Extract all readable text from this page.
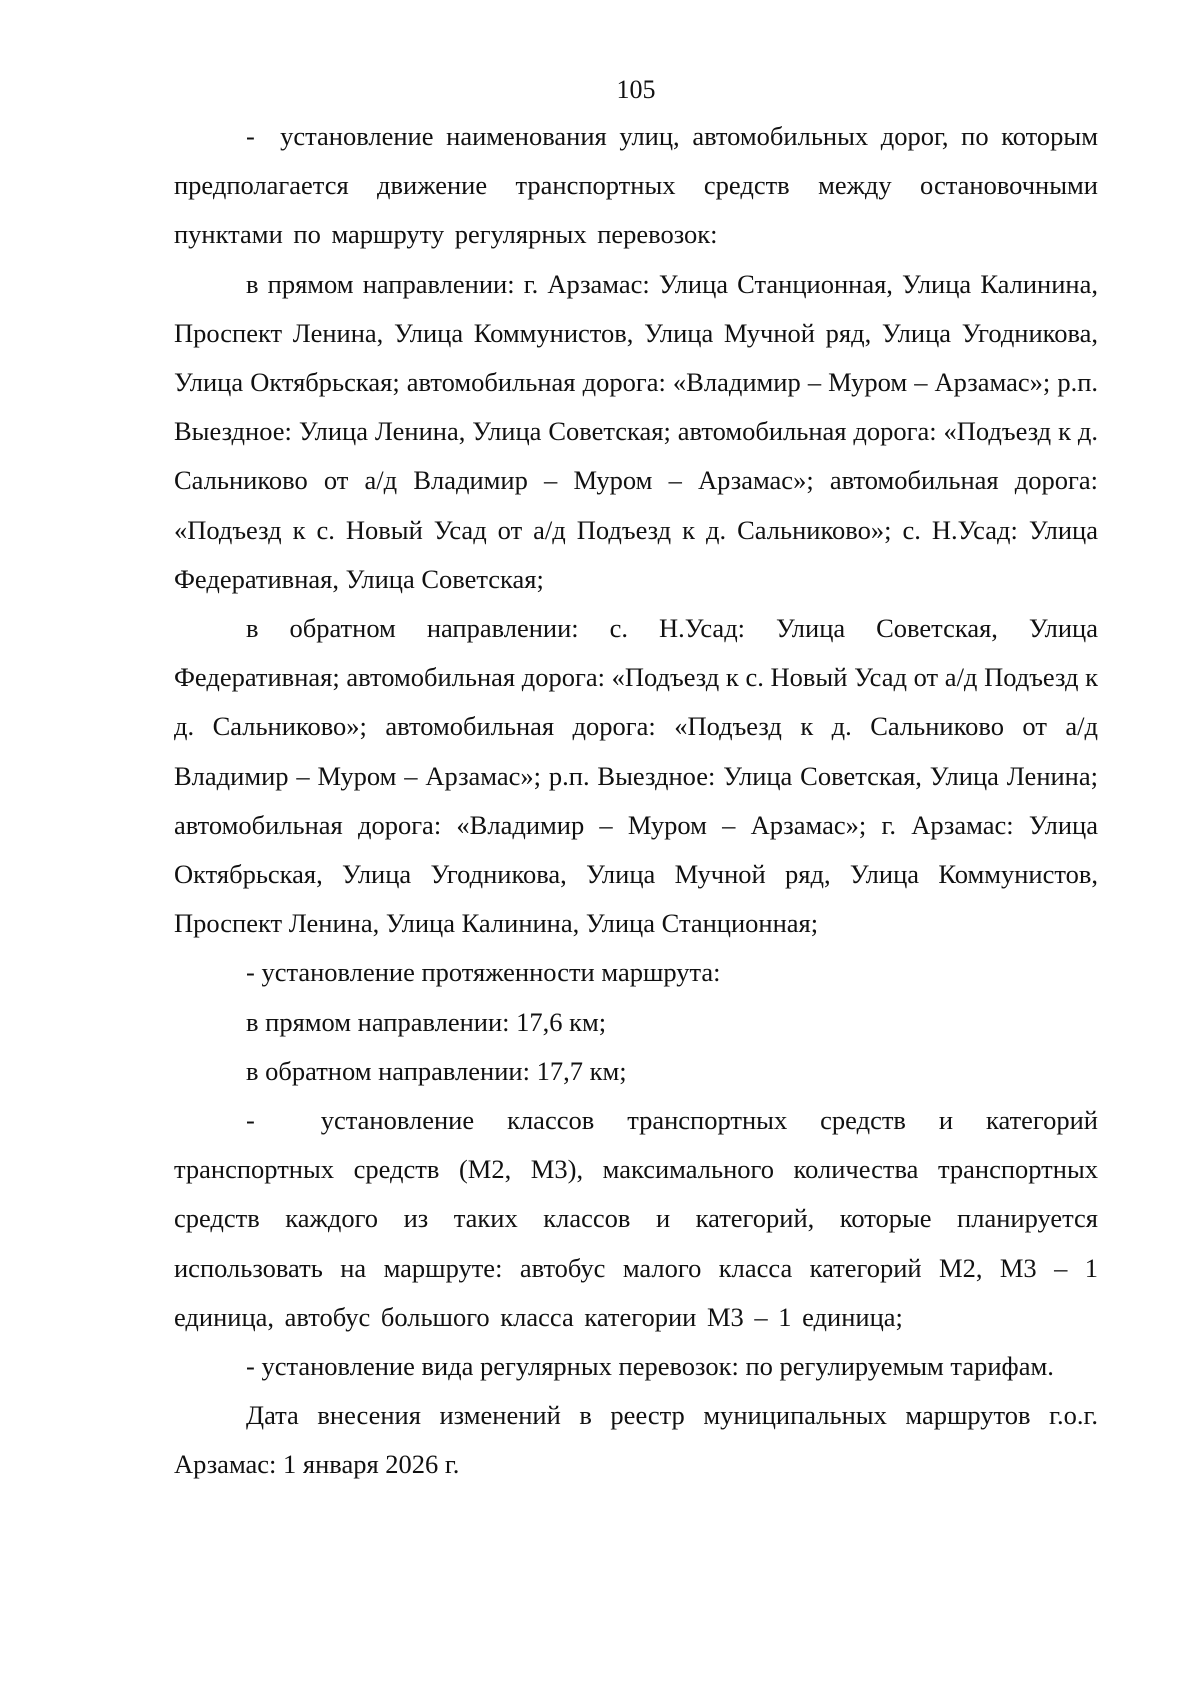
105

-  установление наименования улиц, автомобильных дорог, по которым предполагается движение транспортных средств между остановочными пунктами по маршруту регулярных перевозок:

в прямом направлении: г. Арзамас: Улица Станционная, Улица Калинина, Проспект Ленина, Улица Коммунистов, Улица Мучной ряд, Улица Угодникова, Улица Октябрьская; автомобильная дорога: «Владимир – Муром – Арзамас»; р.п. Выездное: Улица Ленина, Улица Советская; автомобильная дорога: «Подъезд к д. Сальниково от а/д Владимир – Муром – Арзамас»; автомобильная дорога: «Подъезд к с. Новый Усад от а/д Подъезд к д. Сальниково»; с. Н.Усад: Улица Федеративная, Улица Советская;

в обратном направлении: с. Н.Усад: Улица Советская, Улица Федеративная; автомобильная дорога: «Подъезд к с. Новый Усад от а/д Подъезд к д. Сальниково»; автомобильная дорога: «Подъезд к д. Сальниково от а/д Владимир – Муром – Арзамас»; р.п. Выездное: Улица Советская, Улица Ленина; автомобильная дорога: «Владимир – Муром – Арзамас»; г. Арзамас: Улица Октябрьская, Улица Угодникова, Улица Мучной ряд, Улица Коммунистов, Проспект Ленина, Улица Калинина, Улица Станционная;

- установление протяженности маршрута:

в прямом направлении: 17,6 км;

в обратном направлении: 17,7 км;

-  установление классов транспортных средств и категорий транспортных средств (М2, М3), максимального количества транспортных средств каждого из таких классов и категорий, которые планируется использовать на маршруте: автобус малого класса категорий М2, М3 – 1 единица, автобус большого класса категории М3 – 1 единица;

- установление вида регулярных перевозок: по регулируемым тарифам.

Дата внесения изменений в реестр муниципальных маршрутов г.о.г. Арзамас: 1 января 2026 г.
